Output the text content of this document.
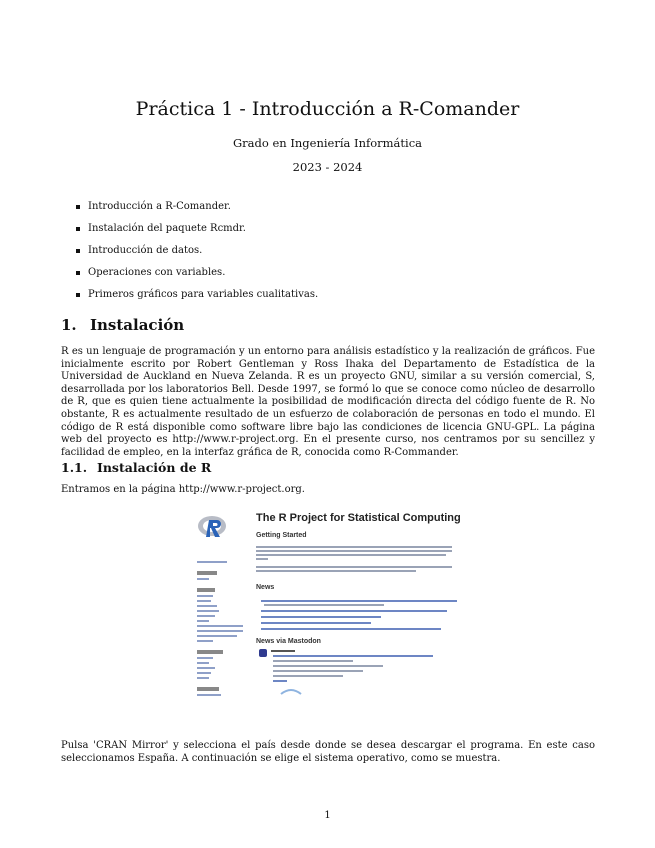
Práctica 1 - Introducción a R-Comander
Grado en Ingeniería Informática
2023 - 2024
Introducción a R-Comander.
Instalación del paquete Rcmdr.
Introducción de datos.
Operaciones con variables.
Primeros gráficos para variables cualitativas.
1. Instalación

R es un lenguaje de programación y un entorno para análisis estadístico y la realización de gráficos. Fue inicialmente escrito por Robert Gentleman y Ross Ihaka del Departamento de Estadística de la Universidad de Auckland en Nueva Zelanda. R es un proyecto GNU, similar a su versión comercial, S, desarrollada por los laboratorios Bell. Desde 1997, se formó lo que se conoce como núcleo de desarrollo de R, que es quien tiene actualmente la posibilidad de modificación directa del código fuente de R. No obstante, R es actualmente resultado de un esfuerzo de colaboración de personas en todo el mundo. El código de R está disponible como software libre bajo las condiciones de licencia GNU-GPL. La página web del proyecto es http://www.r-project.org. En el presente curso, nos centramos por su sencillez y facilidad de empleo, en la interfaz gráfica de R, conocida como R-Commander.

1.1. Instalación de R

Entramos en la página http://www.r-project.org.

The R Project for Statistical Computing
Getting Started
News
News via Mastodon

Pulsa 'CRAN Mirror' y selecciona el país desde donde se desea descargar el programa. En este caso seleccionamos España. A continuación se elige el sistema operativo, como se muestra.

1
